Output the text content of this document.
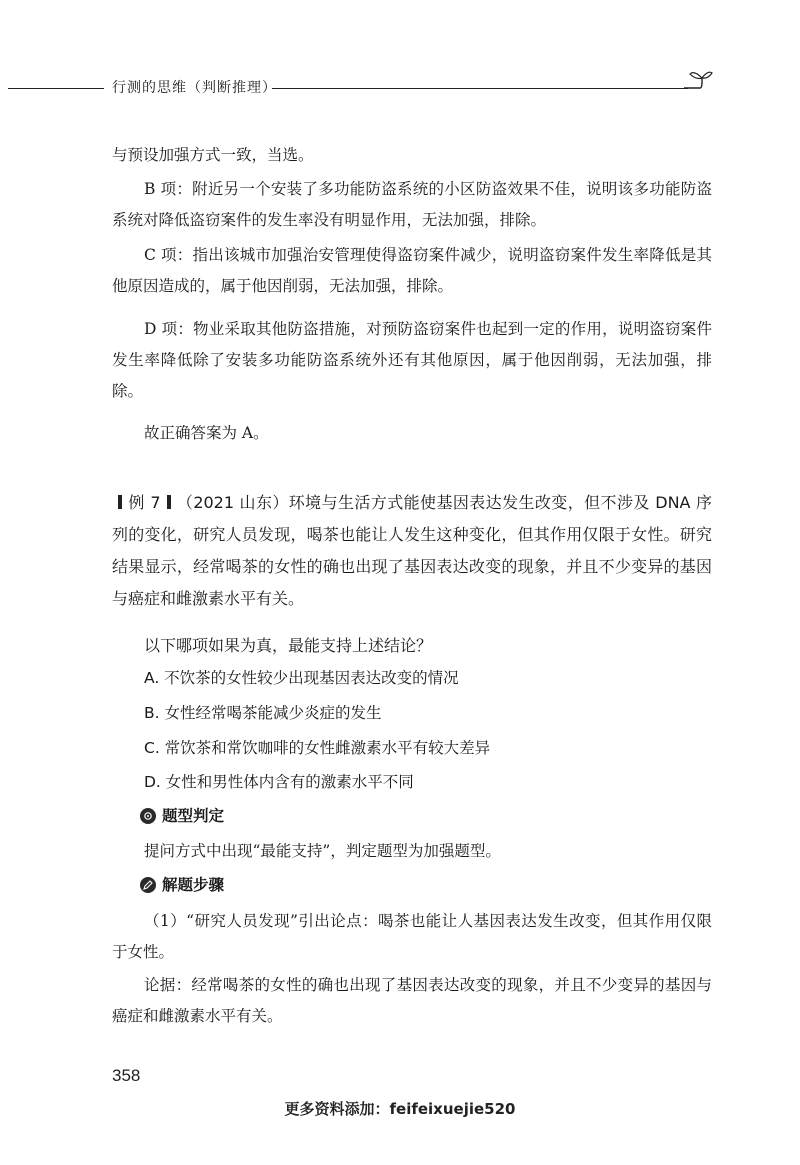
行测的思维（判断推理）

与预设加强方式一致，当选。

B 项：附近另一个安装了多功能防盗系统的小区防盗效果不佳，说明该多功能防盗系统对降低盗窃案件的发生率没有明显作用，无法加强，排除。

C 项：指出该城市加强治安管理使得盗窃案件减少，说明盗窃案件发生率降低是其他原因造成的，属于他因削弱，无法加强，排除。

D 项：物业采取其他防盗措施，对预防盗窃案件也起到一定的作用，说明盗窃案件发生率降低除了安装多功能防盗系统外还有其他原因，属于他因削弱，无法加强，排除。

故正确答案为 A。

例 7 （2021 山东）环境与生活方式能使基因表达发生改变，但不涉及 DNA 序列的变化，研究人员发现，喝茶也能让人发生这种变化，但其作用仅限于女性。研究结果显示，经常喝茶的女性的确也出现了基因表达改变的现象，并且不少变异的基因与癌症和雌激素水平有关。

以下哪项如果为真，最能支持上述结论？

A. 不饮茶的女性较少出现基因表达改变的情况

B. 女性经常喝茶能减少炎症的发生

C. 常饮茶和常饮咖啡的女性雌激素水平有较大差异

D. 女性和男性体内含有的激素水平不同

题型判定

提问方式中出现“最能支持”，判定题型为加强题型。

解题步骤

（1）“研究人员发现”引出论点：喝茶也能让人基因表达发生改变，但其作用仅限于女性。

论据：经常喝茶的女性的确也出现了基因表达改变的现象，并且不少变异的基因与癌症和雌激素水平有关。

358
更多资料添加：feifeixuejie520
